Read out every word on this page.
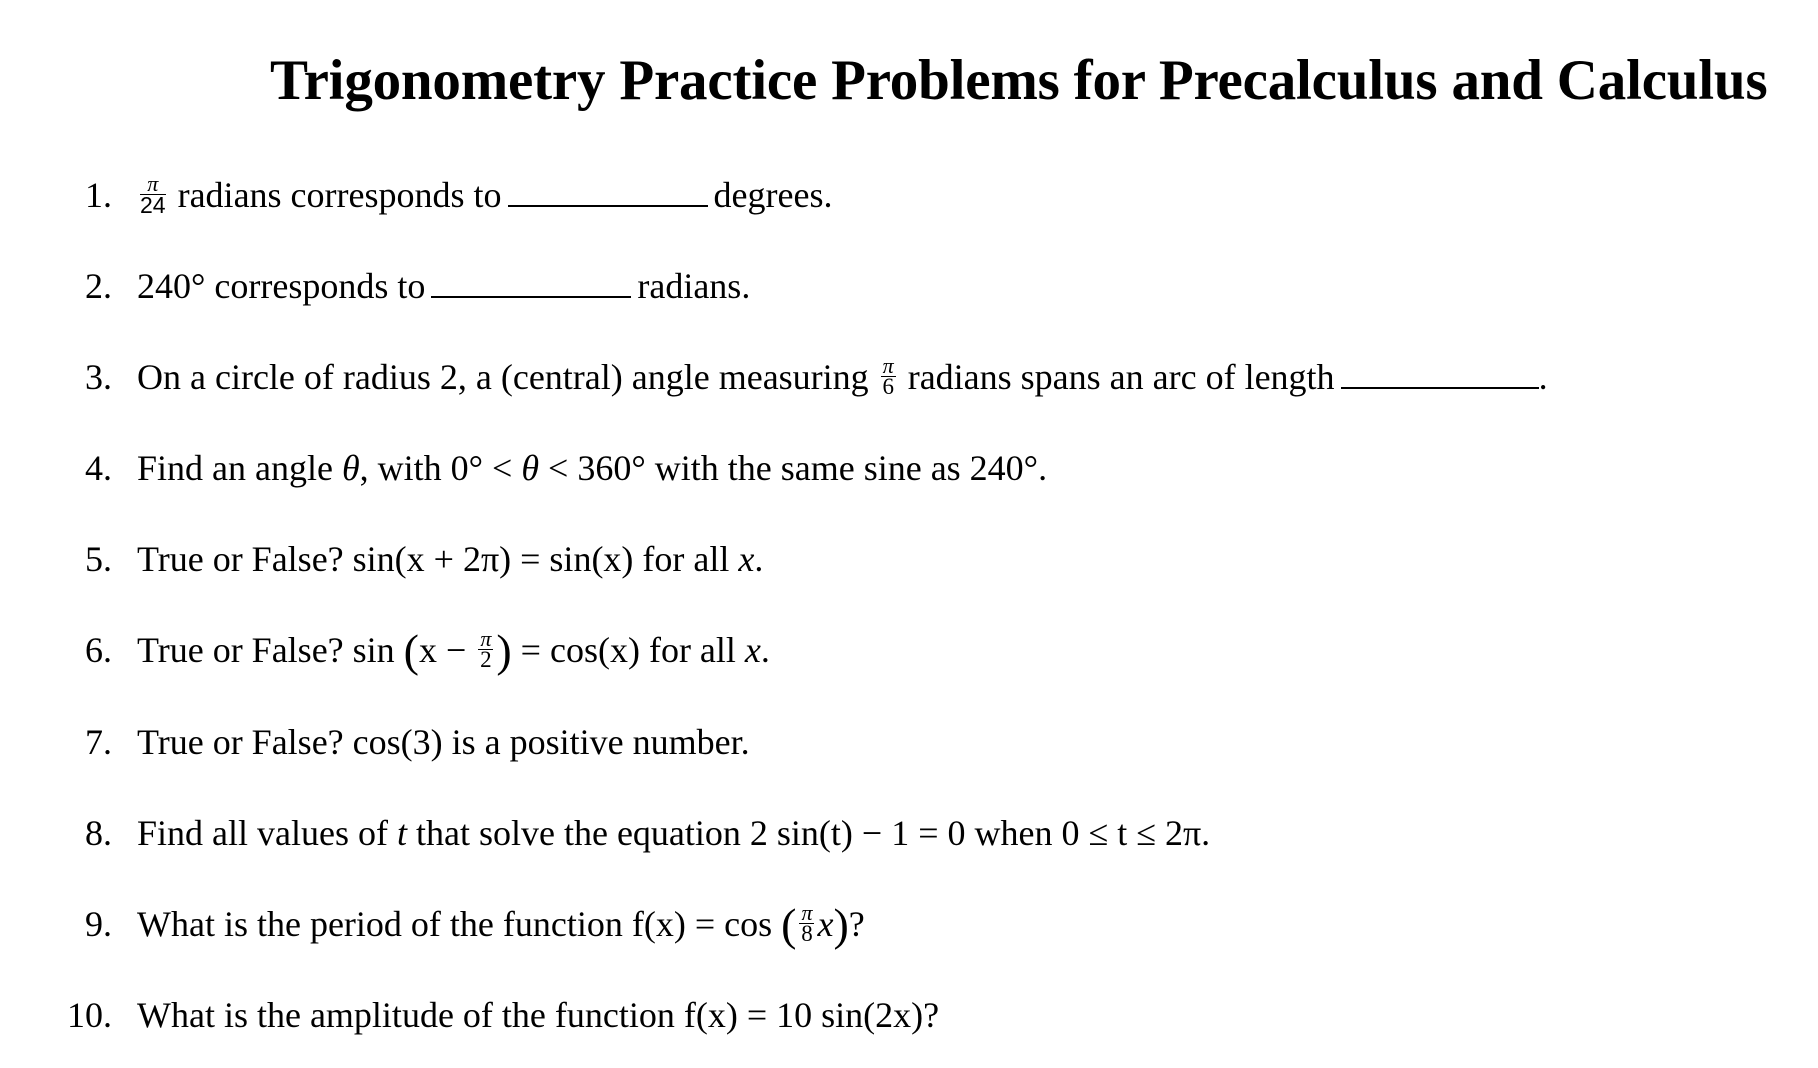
Trigonometry Practice Problems for Precalculus and Calculus
1. $\frac{\pi}{24}$ radians corresponds to	degrees.
2. 240° corresponds to	radians.
3. On a circle of radius 2, a (central) angle measuring $\frac{\pi}{6}$ radians spans an arc of length	.
4. Find an angle θ, with 0° < θ < 360° with the same sine as 240°.
5. True or False? sin(x + 2π) = sin(x) for all x.
6. True or False? $\sin (x - \frac{\pi}{2}$ ) = cos(x) for all x.
7. True or False? cos(3) is a positive number.
8. Find all values of t that solve the equation 2 sin(t) − 1 = 0 when 0 ≤ t ≤ 2π.
9. What is the period of the function f(x) = cos ( $\frac{\pi}{8} x$)?
10. What is the amplitude of the function f(x) = 10 sin(2x)?
